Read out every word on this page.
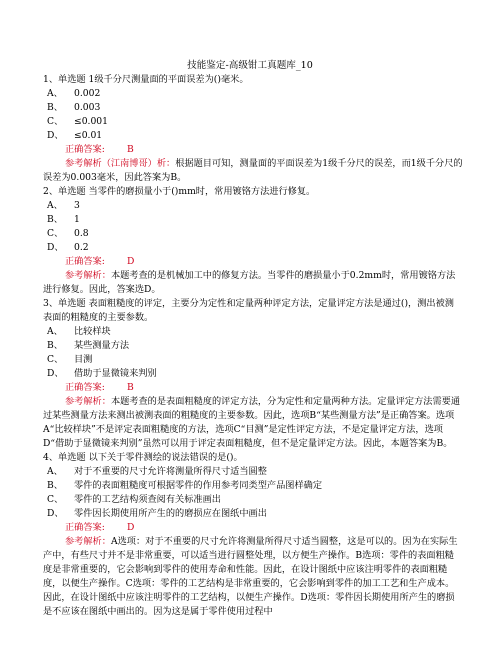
技能鉴定-高级钳工真题库_10
1、单选题 1级千分尺测量面的平面误差为()毫米。
A、 0.002
B、 0.003
C、 ≤0.001
D、 ≤0.01
正确答案: B
参考解析（江南博哥）析：根据题目可知，测量面的平面误差为1级千分尺的误差，而1级千分尺的误差为0.003毫米，因此答案为B。
2、单选题 当零件的磨损量小于()mm时，常用镀铬方法进行修复。
A、 3
B、 1
C、 0.8
D、 0.2
正确答案: D
参考解析：本题考查的是机械加工中的修复方法。当零件的磨损量小于0.2mm时，常用镀铬方法进行修复。因此，答案选D。
3、单选题 表面粗糙度的评定，主要分为定性和定量两种评定方法，定量评定方法是通过()，测出被测表面的粗糙度的主要参数。
A、 比较样块
B、 某些测量方法
C、 目测
D、 借助于显微镜来判别
正确答案: B
参考解析：本题考查的是表面粗糙度的评定方法，分为定性和定量两种方法。定量评定方法需要通过某些测量方法来测出被测表面的粗糙度的主要参数。因此，选项B“某些测量方法”是正确答案。选项A“比较样块”不是评定表面粗糙度的方法，选项C“目测”是定性评定方法，不是定量评定方法，选项D“借助于显微镜来判别”虽然可以用于评定表面粗糙度，但不是定量评定方法。因此，本题答案为B。
4、单选题 以下关于零件测绘的说法错误的是()。
A、 对于不重要的尺寸允许将测量所得尺寸适当圆整
B、 零件的表面粗糙度可根据零件的作用参考同类型产品图样确定
C、 零件的工艺结构须查阅有关标准画出
D、 零件因长期使用所产生的的磨损应在图纸中画出
正确答案: D
参考解析：A选项：对于不重要的尺寸允许将测量所得尺寸适当圆整，这是可以的。因为在实际生产中，有些尺寸并不是非常重要，可以适当进行圆整处理，以方便生产操作。B选项：零件的表面粗糙度是非常重要的，它会影响到零件的使用寿命和性能。因此，在设计图纸中应该注明零件的表面粗糙度，以便生产操作。C选项：零件的工艺结构是非常重要的，它会影响到零件的加工工艺和生产成本。因此，在设计图纸中应该注明零件的工艺结构，以便生产操作。D选项：零件因长期使用所产生的磨损是不应该在图纸中画出的。因为这是属于零件使用过程中
